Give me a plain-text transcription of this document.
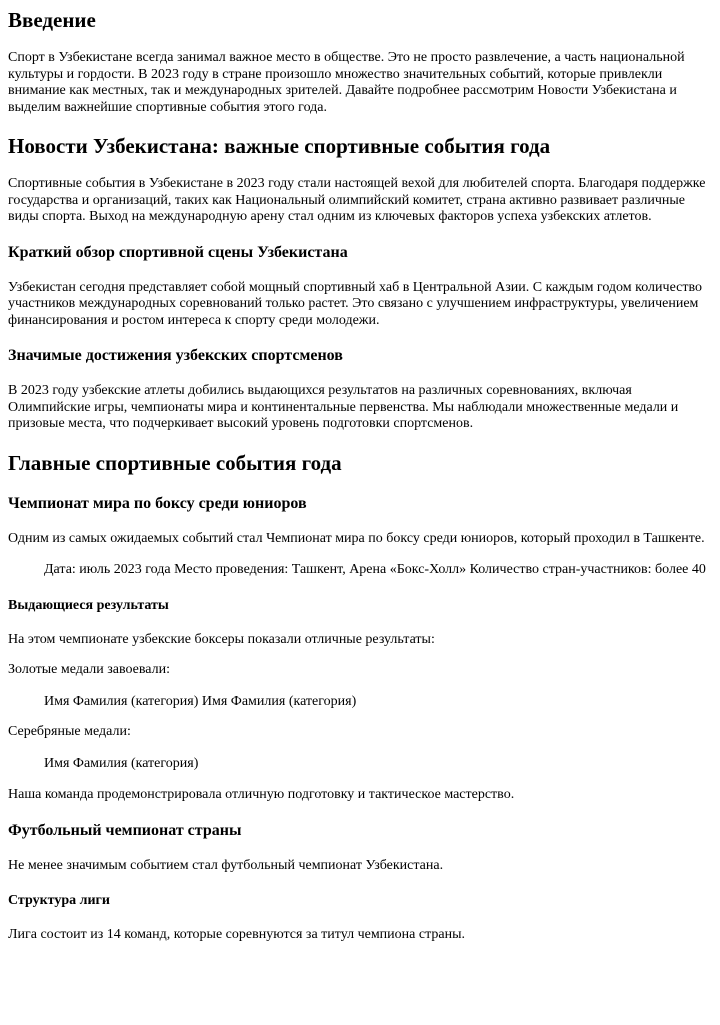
Введение

Спорт в Узбекистане всегда занимал важное место в обществе. Это не просто развлечение, а часть национальной культуры и гордости. В 2023 году в стране произошло множество значительных событий, которые привлекли внимание как местных, так и международных зрителей. Давайте подробнее рассмотрим Новости Узбекистана и выделим важнейшие спортивные события этого года.

Новости Узбекистана: важные спортивные события года

Спортивные события в Узбекистане в 2023 году стали настоящей вехой для любителей спорта. Благодаря поддержке государства и организаций, таких как Национальный олимпийский комитет, страна активно развивает различные виды спорта. Выход на международную арену стал одним из ключевых факторов успеха узбекских атлетов.

Краткий обзор спортивной сцены Узбекистана

Узбекистан сегодня представляет собой мощный спортивный хаб в Центральной Азии. С каждым годом количество участников международных соревнований только растет. Это связано с улучшением инфраструктуры, увеличением финансирования и ростом интереса к спорту среди молодежи.

Значимые достижения узбекских спортсменов

В 2023 году узбекские атлеты добились выдающихся результатов на различных соревнованиях, включая Олимпийские игры, чемпионаты мира и континентальные первенства. Мы наблюдали множественные медали и призовые места, что подчеркивает высокий уровень подготовки спортсменов.

Главные спортивные события года
Чемпионат мира по боксу среди юниоров

Одним из самых ожидаемых событий стал Чемпионат мира по боксу среди юниоров, который проходил в Ташкенте.

Дата: июль 2023 года Место проведения: Ташкент, Арена «Бокс-Холл» Количество стран-участников: более 40

Выдающиеся результаты

На этом чемпионате узбекские боксеры показали отличные результаты:

Золотые медали завоевали:

Имя Фамилия (категория) Имя Фамилия (категория)

Серебряные медали:

Имя Фамилия (категория)

Наша команда продемонстрировала отличную подготовку и тактическое мастерство.

Футбольный чемпионат страны

Не менее значимым событием стал футбольный чемпионат Узбекистана.

Структура лиги

Лига состоит из 14 команд, которые соревнуются за титул чемпиона страны.
